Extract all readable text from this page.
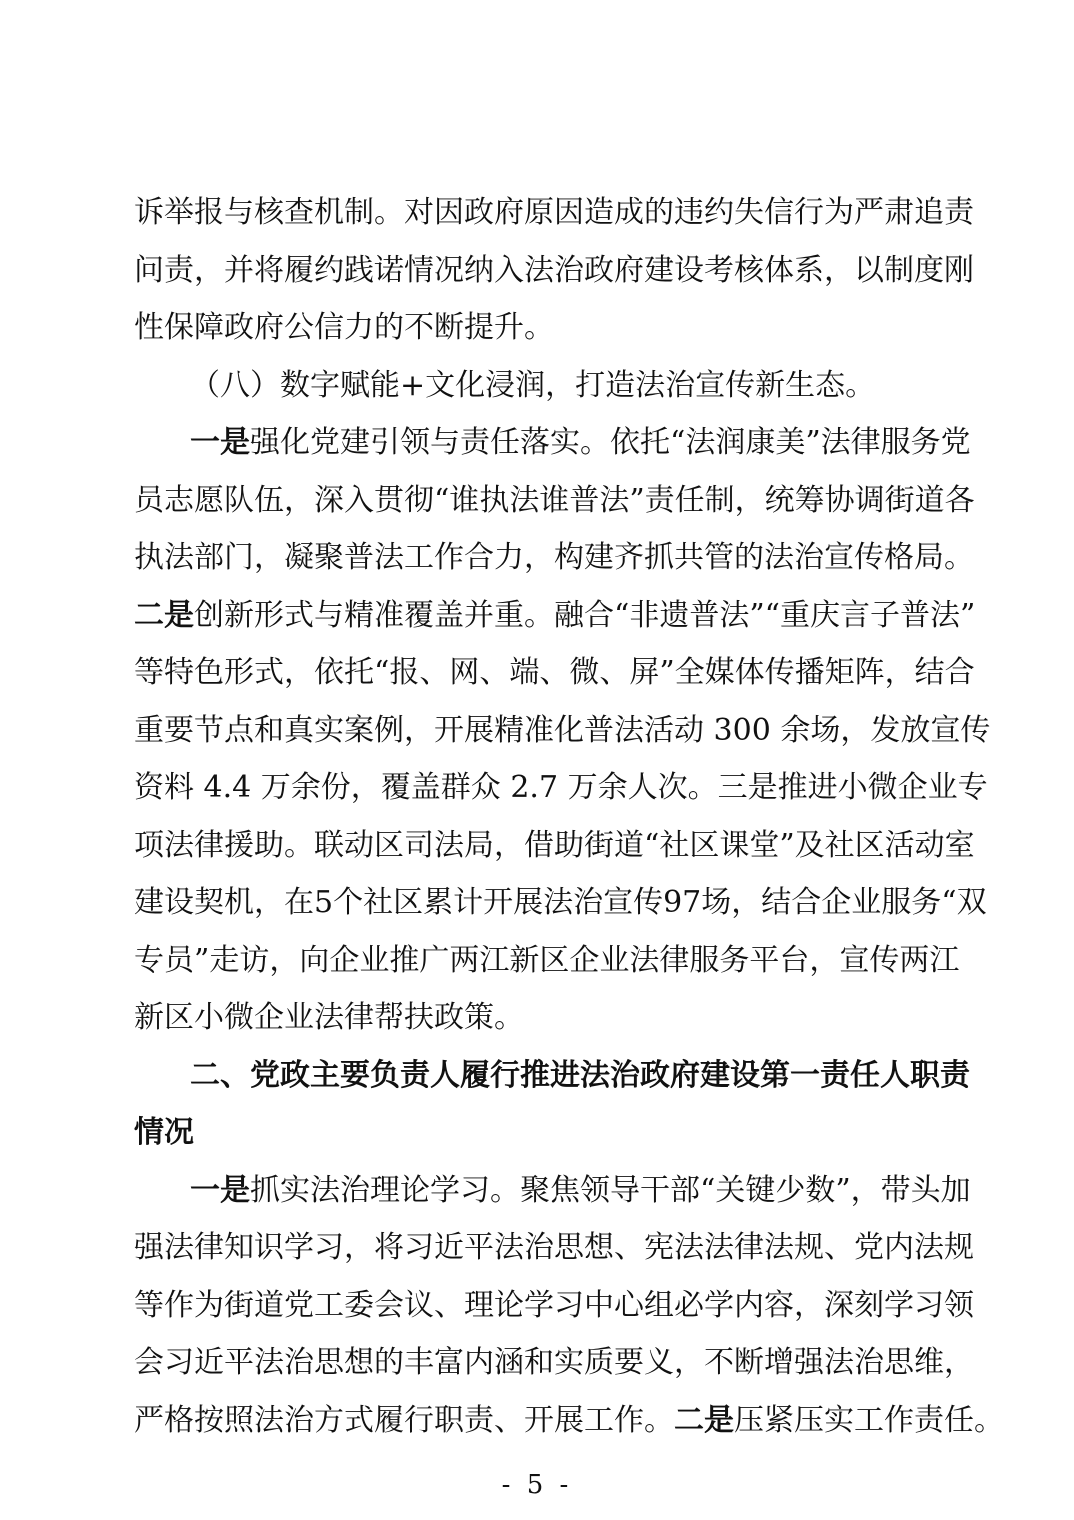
诉举报与核查机制。对因政府原因造成的违约失信行为严肃追责
问责，并将履约践诺情况纳入法治政府建设考核体系，以制度刚
性保障政府公信力的不断提升。
（八）数字赋能+文化浸润，打造法治宣传新生态。
一是强化党建引领与责任落实。依托“法润康美”法律服务党
员志愿队伍，深入贯彻“谁执法谁普法”责任制，统筹协调街道各
执法部门，凝聚普法工作合力，构建齐抓共管的法治宣传格局。
二是创新形式与精准覆盖并重。融合“非遗普法”“重庆言子普法”
等特色形式，依托“报、网、端、微、屏”全媒体传播矩阵，结合
重要节点和真实案例，开展精准化普法活动 300 余场，发放宣传
资料 4.4 万余份，覆盖群众 2.7 万余人次。三是推进小微企业专
项法律援助。联动区司法局，借助街道“社区课堂”及社区活动室
建设契机，在5个社区累计开展法治宣传97场，结合企业服务“双
专员”走访，向企业推广两江新区企业法律服务平台，宣传两江
新区小微企业法律帮扶政策。
二、党政主要负责人履行推进法治政府建设第一责任人职责
情况
一是抓实法治理论学习。聚焦领导干部“关键少数”，带头加
强法律知识学习，将习近平法治思想、宪法法律法规、党内法规
等作为街道党工委会议、理论学习中心组必学内容，深刻学习领
会习近平法治思想的丰富内涵和实质要义，不断增强法治思维，
严格按照法治方式履行职责、开展工作。二是压紧压实工作责任。
- 5 -
